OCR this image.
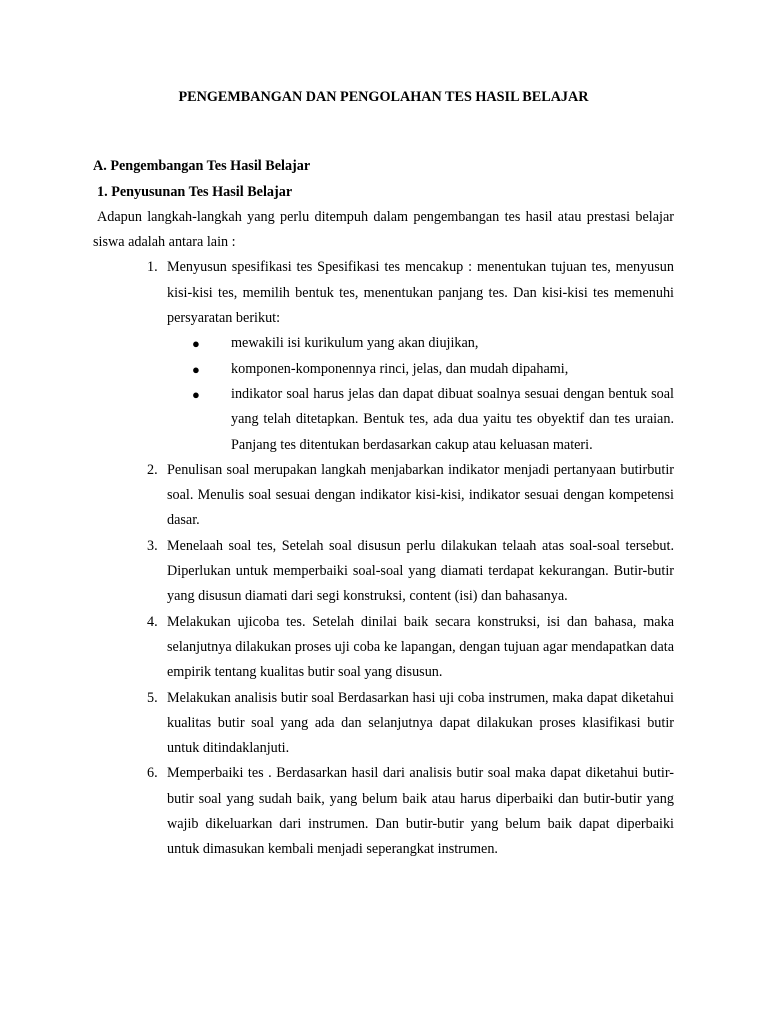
PENGEMBANGAN DAN PENGOLAHAN TES HASIL BELAJAR

A. Pengembangan Tes Hasil Belajar

1. Penyusunan Tes Hasil Belajar

Adapun langkah-langkah yang perlu ditempuh dalam pengembangan tes hasil atau prestasi belajar siswa adalah antara lain :

1. Menyusun spesifikasi tes Spesifikasi tes mencakup : menentukan tujuan tes, menyusun kisi-kisi tes, memilih bentuk tes, menentukan panjang tes. Dan kisi-kisi tes memenuhi persyaratan berikut:
● mewakili isi kurikulum yang akan diujikan,
● komponen-komponennya rinci, jelas, dan mudah dipahami,
● indikator soal harus jelas dan dapat dibuat soalnya sesuai dengan bentuk soal yang telah ditetapkan. Bentuk tes, ada dua yaitu tes obyektif dan tes uraian. Panjang tes ditentukan berdasarkan cakup atau keluasan materi.
2. Penulisan soal merupakan langkah menjabarkan indikator menjadi pertanyaan butirbutir soal. Menulis soal sesuai dengan indikator kisi-kisi, indikator sesuai dengan kompetensi dasar.
3. Menelaah soal tes, Setelah soal disusun perlu dilakukan telaah atas soal-soal tersebut. Diperlukan untuk memperbaiki soal-soal yang diamati terdapat kekurangan. Butir-butir yang disusun diamati dari segi konstruksi, content (isi) dan bahasanya.
4. Melakukan ujicoba tes. Setelah dinilai baik secara konstruksi, isi dan bahasa, maka selanjutnya dilakukan proses uji coba ke lapangan, dengan tujuan agar mendapatkan data empirik tentang kualitas butir soal yang disusun.
5. Melakukan analisis butir soal Berdasarkan hasi uji coba instrumen, maka dapat diketahui kualitas butir soal yang ada dan selanjutnya dapat dilakukan proses klasifikasi butir untuk ditindaklanjuti.
6. Memperbaiki tes . Berdasarkan hasil dari analisis butir soal maka dapat diketahui butir-butir soal yang sudah baik, yang belum baik atau harus diperbaiki dan butir-butir yang wajib dikeluarkan dari instrumen. Dan butir-butir yang belum baik dapat diperbaiki untuk dimasukan kembali menjadi seperangkat instrumen.
